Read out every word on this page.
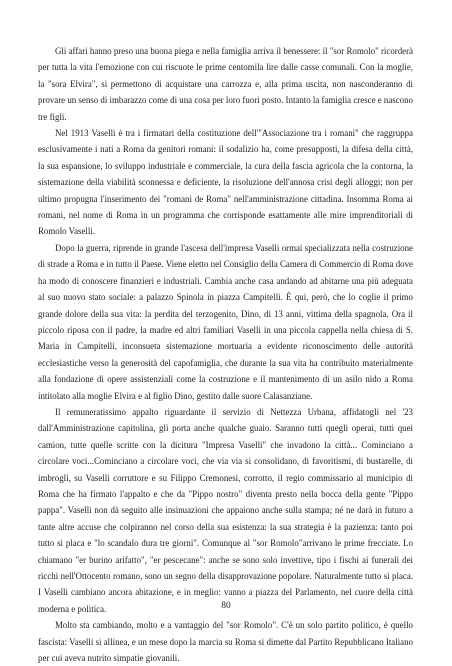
Gli affari hanno preso una buona piega e nella famiglia arriva il benessere: il "sor Romolo" ricorderà per tutta la vita l'emozione con cui riscuote le prime centomila lire dalle casse comunali. Con la moglie, la "sora Elvira", si permettono di acquistare una carrozza e, alla prima uscita, non nasconderanno di provare un senso di imbarazzo come di una cosa per loro fuori posto. Intanto la famiglia cresce e nascono tre figli.

Nel 1913 Vaselli è tra i firmatari della costituzione dell'"Associazione tra i romani" che raggruppa esclusivamente i nati a Roma da genitori romani: il sodalizio ha, come presupposti, la difesa della città, la sua espansione, lo sviluppo industriale e commerciale, la cura della fascia agricola che la contorna, la sistemazione della viabilità sconnessa e deficiente, la risoluzione dell'annosa crisi degli alloggi; non per ultimo propugna l'inserimento dei "romani de Roma" nell'amministrazione cittadina. Insomma Roma ai romani, nel nome di Roma in un programma che corrisponde esattamente alle mire imprenditoriali di Romolo Vaselli.

Dopo la guerra, riprende in grande l'ascesa dell'impresa Vaselli ormai specializzata nella costruzione di strade a Roma e in tutto il Paese. Viene eletto nel Consiglio della Camera di Commercio di Roma dove ha modo di conoscere finanzieri e industriali. Cambia anche casa andando ad abitarne una più adeguata al suo nuovo stato sociale: a palazzo Spinola in piazza Campitelli. È qui, però, che lo coglie il primo grande dolore della sua vita: la perdita del terzogenito, Dino, di 13 anni, vittima della spagnola. Ora il piccolo riposa con il padre, la madre ed altri familiari Vaselli in una piccola cappella nella chiesa di S. Maria in Campitelli, inconsueta sistemazione mortuaria a evidente riconoscimento delle autorità ecclesiastiche verso la generosità del capofamiglia, che durante la sua vita ha contribuito materialmente alla fondazione di opere assistenziali come la costruzione e il mantenimento di un asilo nido a Roma intitolato alla moglie Elvira e al figlio Dino, gestito dalle suore Calasanziane.

Il remuneratissimo appalto riguardante il servizio di Nettezza Urbana, affidatogli nel '23 dall'Amministrazione capitolina, gli porta anche qualche guaio. Saranno tutti quegli operai, tutti quei camion, tutte quelle scritte con la dicitura "Impresa Vaselli" che invadono la città... Cominciano a circolare voci...Cominciano a circolare voci, che via via si consolidano, di favoritismi, di bustarelle, di imbrogli, su Vaselli corruttore e su Filippo Cremonesi, corrotto, il regio commissario al municipio di Roma che ha firmato l'appalto e che da "Pippo nostro" diventa presto nella bocca della gente "Pippo pappa". Vaselli non dà seguito alle insinuazioni che appaiono anche sulla stampa; né ne darà in futuro a tante altre accuse che colpiranno nel corso della sua esistenza: la sua strategia è la pazienza: tanto poi tutto si placa e "lo scandalo dura tre giorni". Comunque al "sor Romolo"arrivano le prime frecciate. Lo chiamano "er burino arifatto", "er pescecane": anche se sono solo invettive, tipo i fischi ai funerali dei ricchi nell'Ottocento romano, sono un segno della disapprovazione popolare. Naturalmente tutto si placa. I Vaselli cambiano ancora abitazione, e in meglio: vanno a piazza del Parlamento, nel cuore della città moderna e politica.

Molto sta cambiando, molto e a vantaggio del "sor Romolo". C'è un solo partito politico, è quello fascista: Vaselli si allinea, e un mese dopo la marcia su Roma si dimette dal Partito Repubblicano Italiano per cui aveva nutrito simpatie giovanili.

80
